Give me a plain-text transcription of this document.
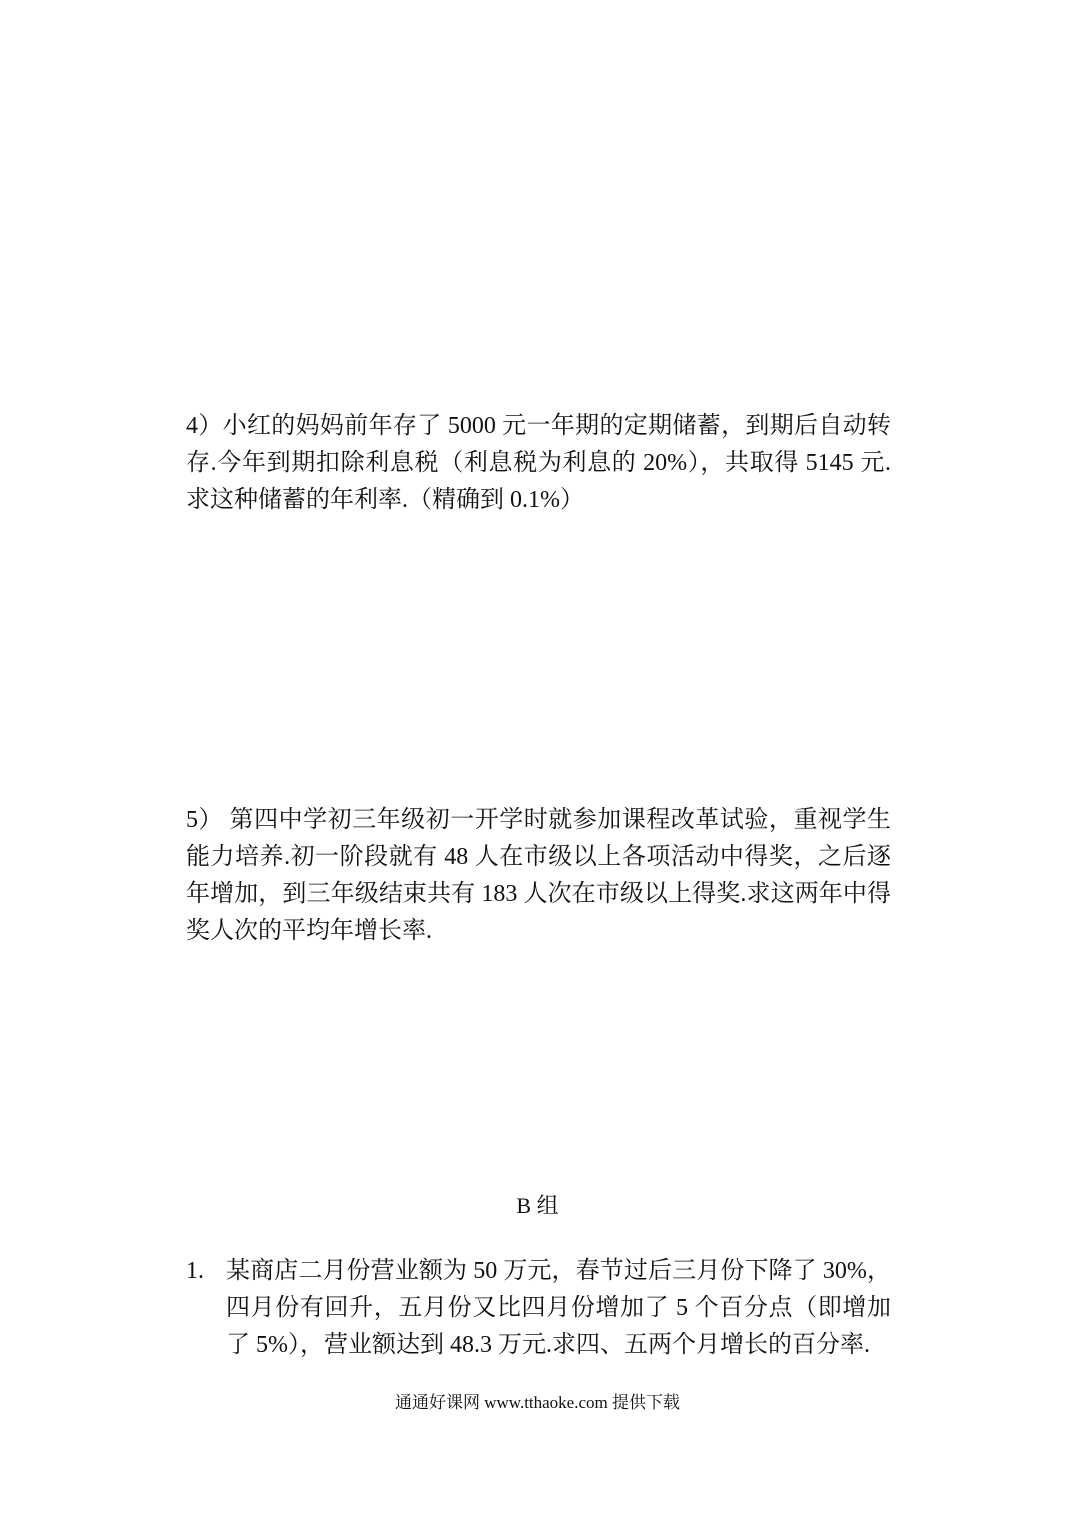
4）小红的妈妈前年存了 5000 元一年期的定期储蓄，到期后自动转存.今年到期扣除利息税（利息税为利息的 20%），共取得 5145 元.求这种储蓄的年利率.（精确到 0.1%）

5） 第四中学初三年级初一开学时就参加课程改革试验，重视学生能力培养.初一阶段就有 48 人在市级以上各项活动中得奖，之后逐年增加，到三年级结束共有 183 人次在市级以上得奖.求这两年中得奖人次的平均年增长率.

B 组
1. 某商店二月份营业额为 50 万元，春节过后三月份下降了 30%，四月份有回升，五月份又比四月份增加了 5 个百分点（即增加了 5%），营业额达到 48.3 万元.求四、五两个月增长的百分率.

通通好课网 www.tthaoke.com 提供下载
